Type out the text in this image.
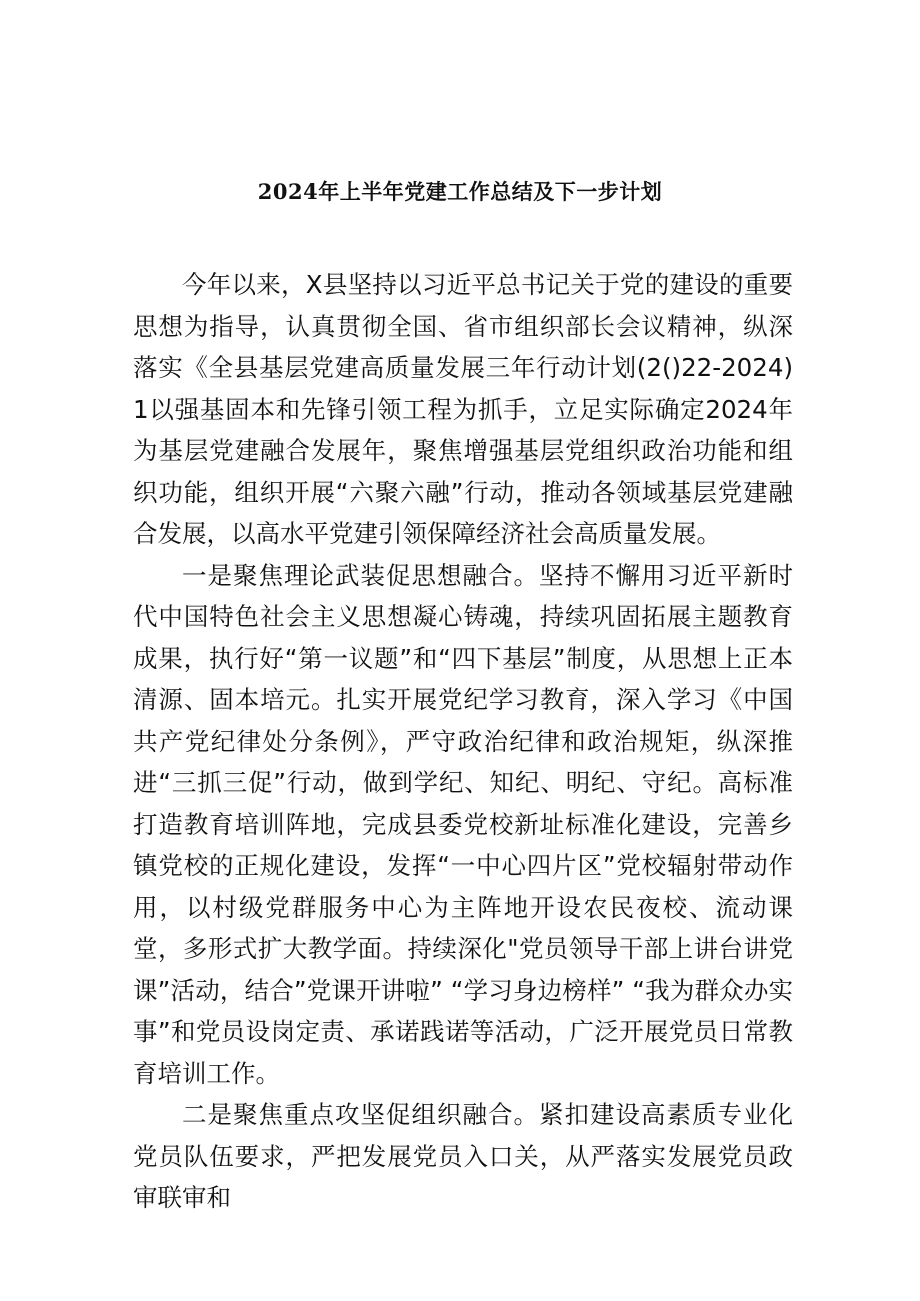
2024年上半年党建工作总结及下一步计划

今年以来，X县坚持以习近平总书记关于党的建设的重要思想为指导，认真贯彻全国、省市组织部长会议精神，纵深落实《全县基层党建高质量发展三年行动计划(2()22-2024)1以强基固本和先锋引领工程为抓手，立足实际确定2024年为基层党建融合发展年，聚焦增强基层党组织政治功能和组织功能，组织开展“六聚六融”行动，推动各领域基层党建融合发展，以高水平党建引领保障经济社会高质量发展。

一是聚焦理论武装促思想融合。坚持不懈用习近平新时代中国特色社会主义思想凝心铸魂，持续巩固拓展主题教育成果，执行好“第一议题”和“四下基层”制度，从思想上正本清源、固本培元。扎实开展党纪学习教育，深入学习《中国共产党纪律处分条例》，严守政治纪律和政治规矩，纵深推进“三抓三促”行动，做到学纪、知纪、明纪、守纪。高标准打造教育培训阵地，完成县委党校新址标准化建设，完善乡镇党校的正规化建设，发挥“一中心四片区”党校辐射带动作用，以村级党群服务中心为主阵地开设农民夜校、流动课堂，多形式扩大教学面。持续深化"党员领导干部上讲台讲党课”活动，结合”党课开讲啦” “学习身边榜样” “我为群众办实事”和党员设岗定责、承诺践诺等活动，广泛开展党员日常教育培训工作。

二是聚焦重点攻坚促组织融合。紧扣建设高素质专业化党员队伍要求，严把发展党员入口关，从严落实发展党员政审联审和
